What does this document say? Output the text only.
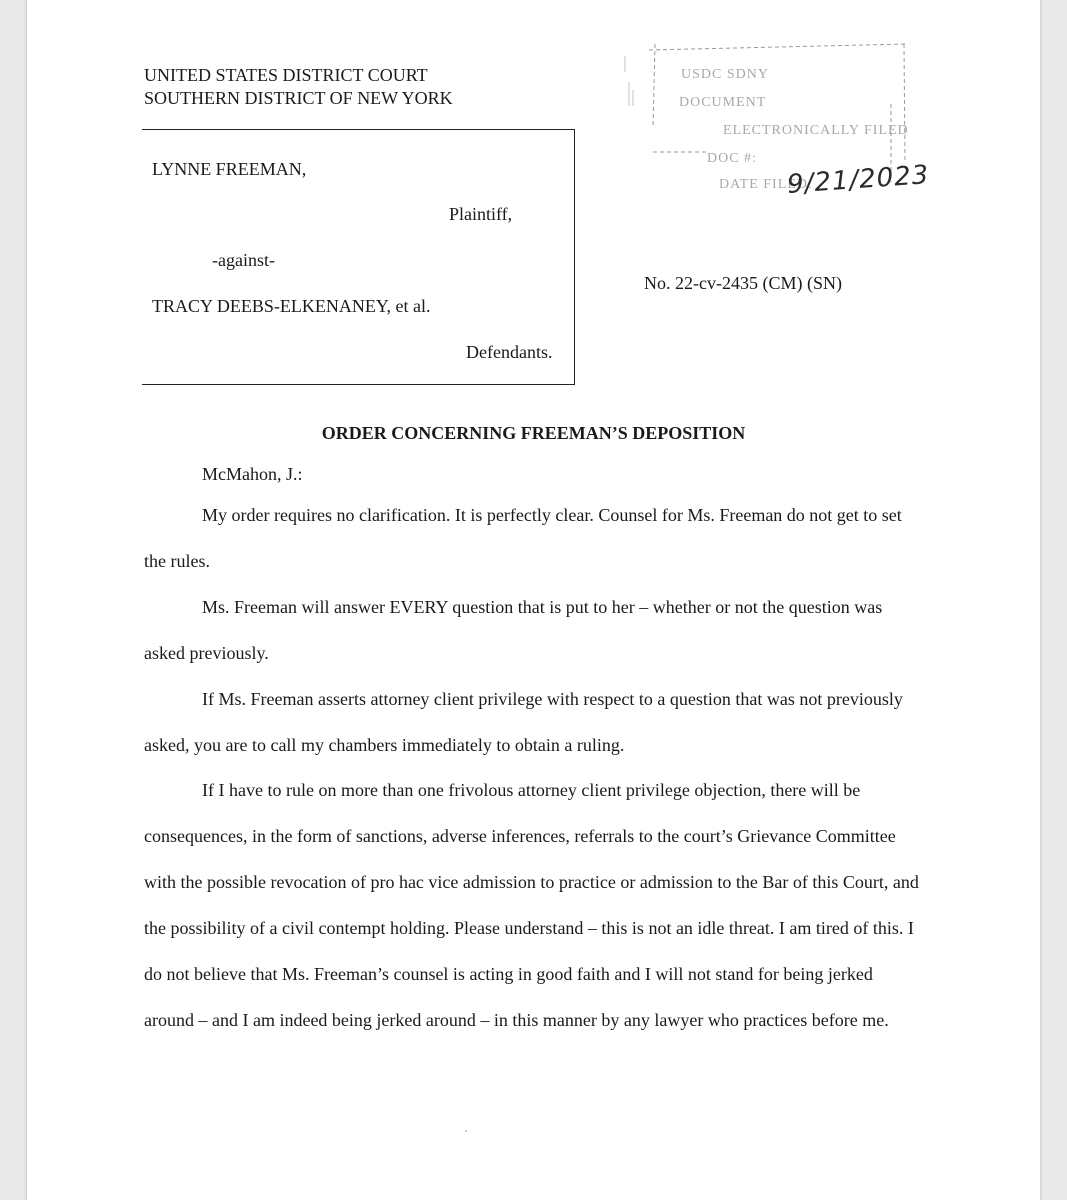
UNITED STATES DISTRICT COURT

SOUTHERN DISTRICT OF NEW YORK

LYNNE FREEMAN,

Plaintiff,

-against-

TRACY DEEBS-ELKENANEY, et al.

Defendants.

No. 22-cv-2435 (CM) (SN)

USDC SDNY
DOCUMENT
ELECTRONICALLY FILED
DOC #:
DATE FILED:
9/21/2023
ORDER CONCERNING FREEMAN’S DEPOSITION

McMahon, J.:

My order requires no clarification. It is perfectly clear. Counsel for Ms. Freeman do not get to set the rules.

Ms. Freeman will answer EVERY question that is put to her – whether or not the question was asked previously.

If Ms. Freeman asserts attorney client privilege with respect to a question that was not previously asked, you are to call my chambers immediately to obtain a ruling.

If I have to rule on more than one frivolous attorney client privilege objection, there will be consequences, in the form of sanctions, adverse inferences, referrals to the court’s Grievance Committee with the possible revocation of pro hac vice admission to practice or admission to the Bar of this Court, and the possibility of a civil contempt holding. Please understand – this is not an idle threat. I am tired of this. I do not believe that Ms. Freeman’s counsel is acting in good faith and I will not stand for being jerked around – and I am indeed being jerked around – in this manner by any lawyer who practices before me.
